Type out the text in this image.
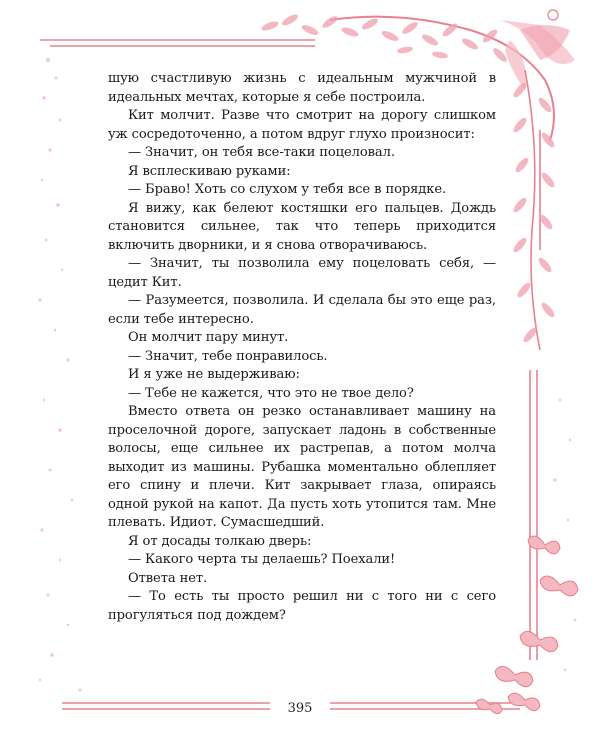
шую счастливую жизнь с идеальным мужчиной в идеальных мечтах, которые я себе построила.

Кит молчит. Разве что смотрит на дорогу слишком уж сосредоточенно, а потом вдруг глухо произносит:

— Значит, он тебя все-таки поцеловал.

Я всплескиваю руками:

— Браво! Хоть со слухом у тебя все в порядке.

Я вижу, как белеют костяшки его пальцев. Дождь становится сильнее, так что теперь приходится включить дворники, и я снова отворачиваюсь.

— Значит, ты позволила ему поцеловать себя, — цедит Кит.

— Разумеется, позволила. И сделала бы это еще раз, если тебе интересно.

Он молчит пару минут.

— Значит, тебе понравилось.

И я уже не выдерживаю:

— Тебе не кажется, что это не твое дело?

Вместо ответа он резко останавливает машину на проселочной дороге, запускает ладонь в собственные волосы, еще сильнее их растрепав, а потом молча выходит из машины. Рубашка моментально облепляет его спину и плечи. Кит закрывает глаза, опираясь одной рукой на капот. Да пусть хоть утопится там. Мне плевать. Идиот. Сумасшедший.

Я от досады толкаю дверь:

— Какого черта ты делаешь? Поехали!

Ответа нет.

— То есть ты просто решил ни с того ни с сего прогуляться под дождем?

395
